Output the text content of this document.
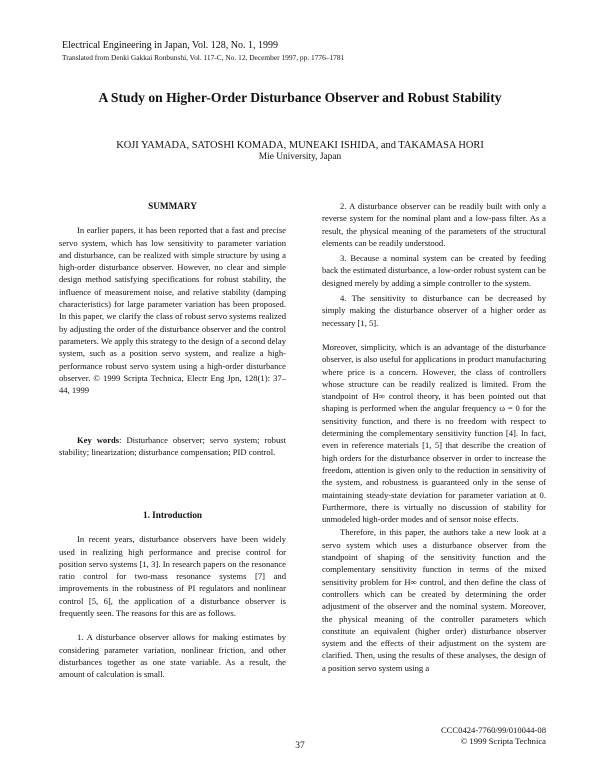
Electrical Engineering in Japan, Vol. 128, No. 1, 1999
Translated from Denki Gakkai Ronbunshi, Vol. 117-C, No. 12, December 1997, pp. 1776–1781
A Study on Higher-Order Disturbance Observer and Robust Stability
KOJI YAMADA, SATOSHI KOMADA, MUNEAKI ISHIDA, and TAKAMASA HORI
Mie University, Japan

SUMMARY

In earlier papers, it has been reported that a fast and precise servo system, which has low sensitivity to parameter variation and disturbance, can be realized with simple structure by using a high-order disturbance observer. However, no clear and simple design method satisfying specifications for robust stability, the influence of measurement noise, and relative stability (damping characteristics) for large parameter variation has been proposed. In this paper, we clarify the class of robust servo systems realized by adjusting the order of the disturbance observer and the control parameters. We apply this strategy to the design of a second delay system, such as a position servo system, and realize a high-performance robust servo system using a high-order disturbance observer. © 1999 Scripta Technica, Electr Eng Jpn, 128(1): 37–44, 1999

Key words: Disturbance observer; servo system; robust stability; linearization; disturbance compensation; PID control.

1. Introduction

In recent years, disturbance observers have been widely used in realizing high performance and precise control for position servo systems [1, 3]. In research papers on the resonance ratio control for two-mass resonance systems [7] and improvements in the robustness of PI regulators and nonlinear control [5, 6], the application of a disturbance observer is frequently seen. The reasons for this are as follows.

1. A disturbance observer allows for making estimates by considering parameter variation, nonlinear friction, and other disturbances together as one state variable. As a result, the amount of calculation is small.

2. A disturbance observer can be readily built with only a reverse system for the nominal plant and a low-pass filter. As a result, the physical meaning of the parameters of the structural elements can be readily understood.

3. Because a nominal system can be created by feeding back the estimated disturbance, a low-order robust system can be designed merely by adding a simple controller to the system.

4. The sensitivity to disturbance can be decreased by simply making the disturbance observer of a higher order as necessary [1, 5].

Moreover, simplicity, which is an advantage of the disturbance observer, is also useful for applications in product manufacturing where price is a concern. However, the class of controllers whose structure can be readily realized is limited. From the standpoint of H∞ control theory, it has been pointed out that shaping is performed when the angular frequency ω = 0 for the sensitivity function, and there is no freedom with respect to determining the complementary sensitivity function [4]. In fact, even in reference materials [1, 5] that describe the creation of high orders for the disturbance observer in order to increase the freedom, attention is given only to the reduction in sensitivity of the system, and robustness is guaranteed only in the sense of maintaining steady-state deviation for parameter variation at 0. Furthermore, there is virtually no discussion of stability for unmodeled high-order modes and of sensor noise effects.

Therefore, in this paper, the authors take a new look at a servo system which uses a disturbance observer from the standpoint of shaping of the sensitivity function and the complementary sensitivity function in terms of the mixed sensitivity problem for H∞ control, and then define the class of controllers which can be created by determining the order adjustment of the observer and the nominal system. Moreover, the physical meaning of the controller parameters which constitute an equivalent (higher order) disturbance observer system and the effects of their adjustment on the system are clarified. Then, using the results of these analyses, the design of a position servo system using a

CCC0424-7760/99/010044-08
© 1999 Scripta Technica
37
